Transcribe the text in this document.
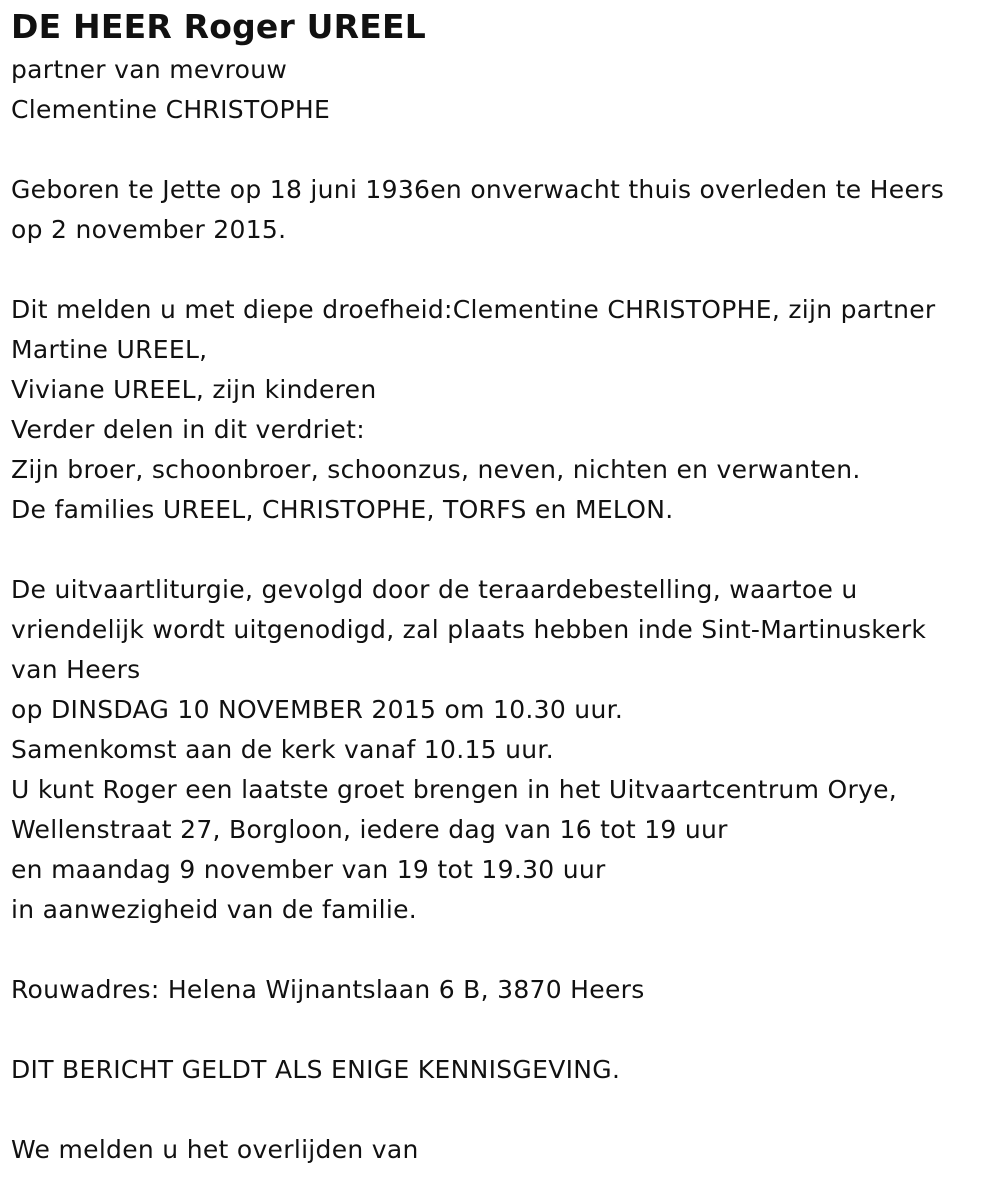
DE HEER Roger UREEL
partner van mevrouw
Clementine CHRISTOPHE
Geboren te Jette op 18 juni 1936en onverwacht thuis overleden te Heers
op 2 november 2015.
Dit melden u met diepe droefheid:Clementine CHRISTOPHE, zijn partner
Martine UREEL,
Viviane UREEL, zijn kinderen
Verder delen in dit verdriet:
Zijn broer, schoonbroer, schoonzus, neven, nichten en verwanten.
De families UREEL, CHRISTOPHE, TORFS en MELON.
De uitvaartliturgie, gevolgd door de teraardebestelling, waartoe u
vriendelijk wordt uitgenodigd, zal plaats hebben inde Sint-Martinuskerk
van Heers
op DINSDAG 10 NOVEMBER 2015 om 10.30 uur.
Samenkomst aan de kerk vanaf 10.15 uur.
U kunt Roger een laatste groet brengen in het Uitvaartcentrum Orye,
Wellenstraat 27, Borgloon, iedere dag van 16 tot 19 uur
en maandag 9 november van 19 tot 19.30 uur
in aanwezigheid van de familie.
Rouwadres: Helena Wijnantslaan 6 B, 3870 Heers
DIT BERICHT GELDT ALS ENIGE KENNISGEVING.
We melden u het overlijden van
